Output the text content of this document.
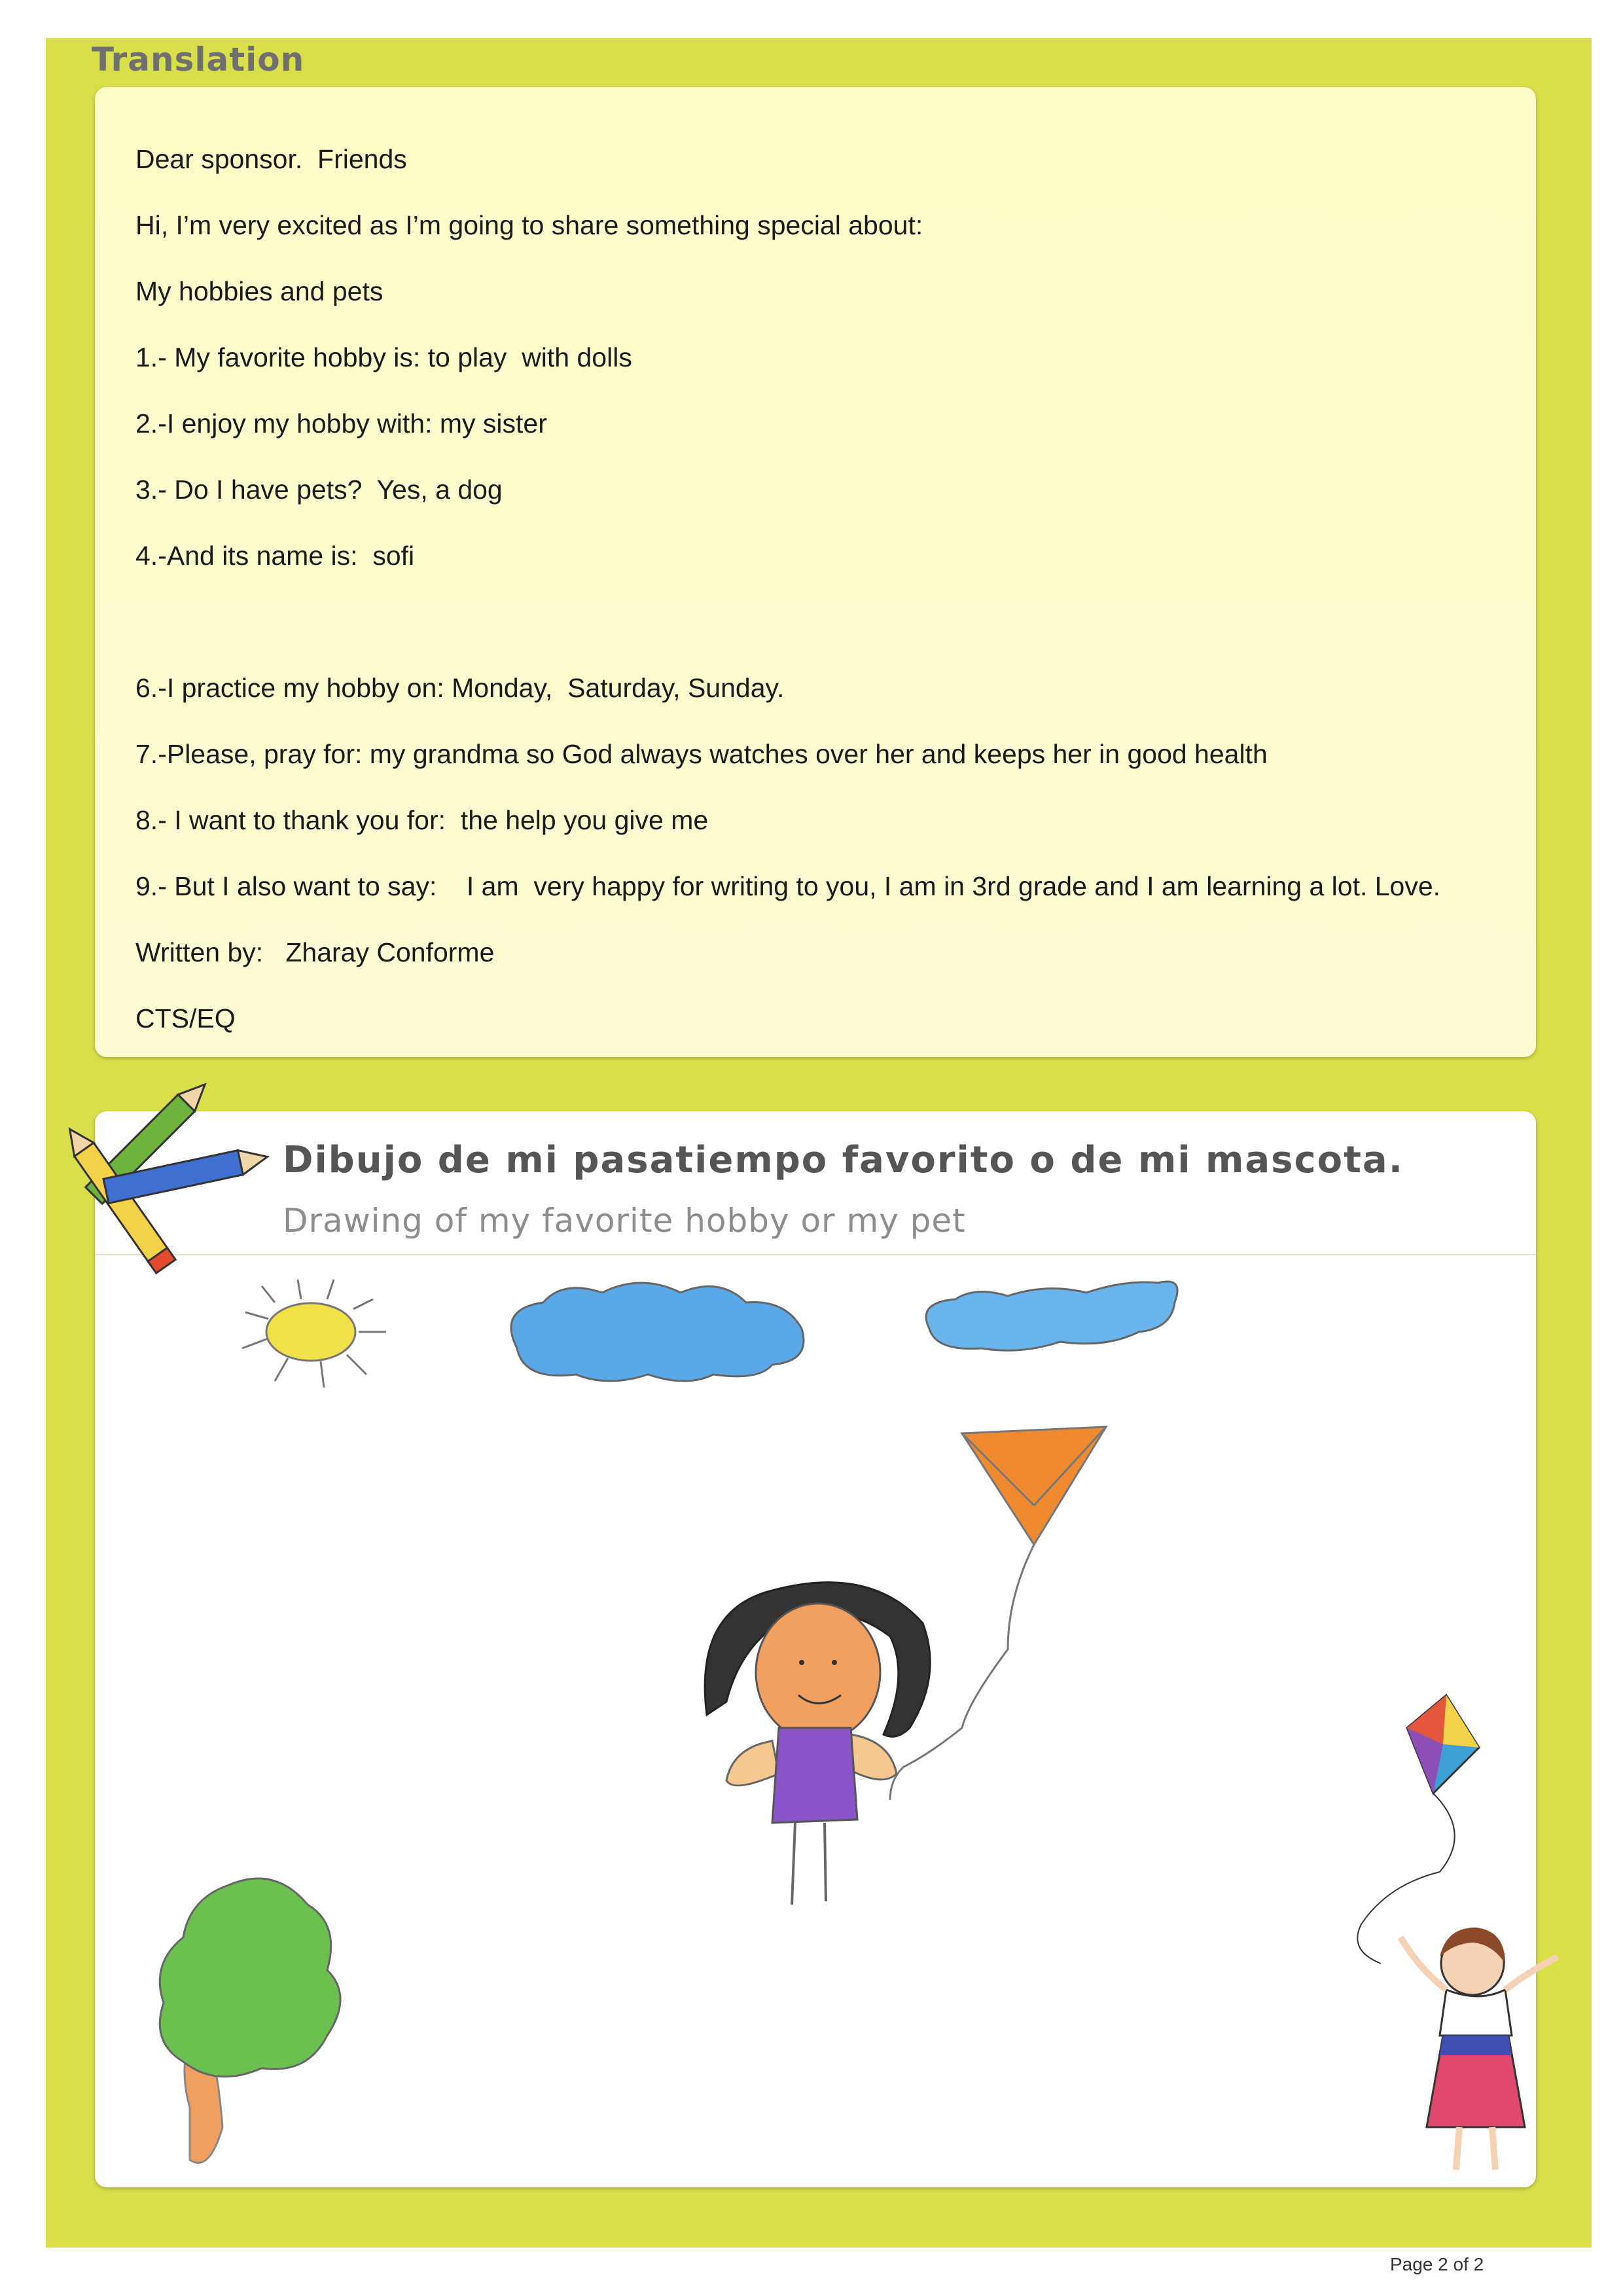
Translation
Dear sponsor.  Friends
Hi, I’m very excited as I’m going to share something special about:
My hobbies and pets
1.- My favorite hobby is: to play  with dolls
2.-I enjoy my hobby with: my sister
3.- Do I have pets?  Yes, a dog
4.-And its name is:  sofi
6.-I practice my hobby on: Monday,  Saturday, Sunday.
7.-Please, pray for: my grandma so God always watches over her and keeps her in good health
8.- I want to thank you for:  the help you give me
9.- But I also want to say:    I am  very happy for writing to you, I am in 3rd grade and I am learning a lot. Love.
Written by:   Zharay Conforme
CTS/EQ
Dibujo de mi pasatiempo favorito o de mi mascota.
Drawing of my favorite hobby or my pet
Page 2 of 2
